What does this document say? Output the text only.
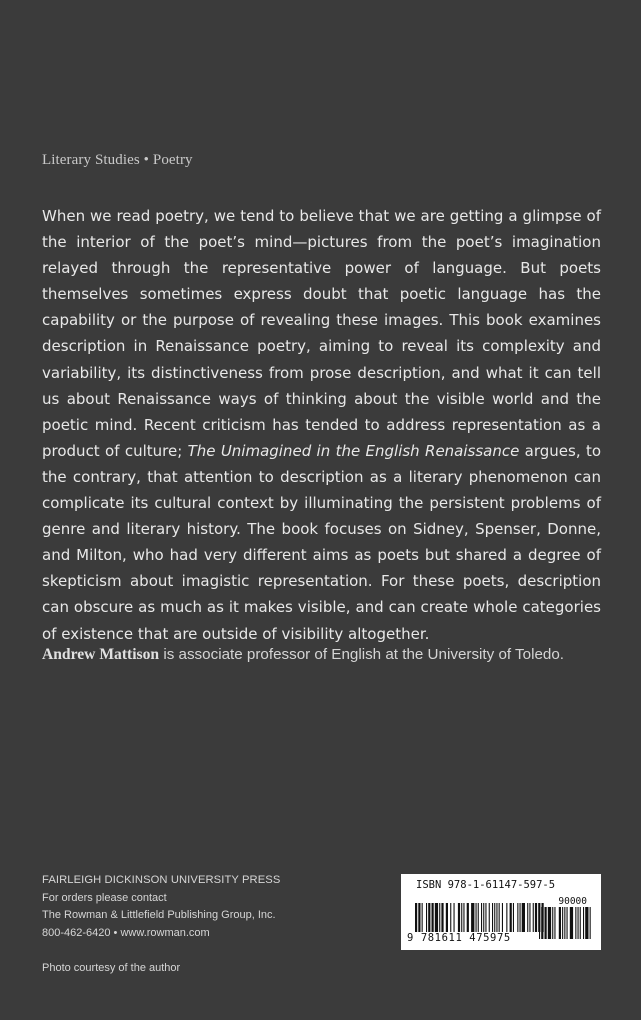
Literary Studies • Poetry

When we read poetry, we tend to believe that we are getting a glimpse of the interior of the poet’s mind—pictures from the poet’s imagination relayed through the representative power of language. But poets themselves sometimes express doubt that poetic language has the capability or the purpose of revealing these images. This book examines description in Renaissance poetry, aiming to reveal its complexity and variability, its distinctiveness from prose description, and what it can tell us about Renaissance ways of thinking about the visible world and the poetic mind. Recent criticism has tended to address representation as a product of culture; The Unimagined in the English Renaissance argues, to the contrary, that attention to description as a literary phenomenon can complicate its cultural context by illuminating the persistent problems of genre and literary history. The book focuses on Sidney, Spenser, Donne, and Milton, who had very different aims as poets but shared a degree of skepticism about imagistic representation. For these poets, description can obscure as much as it makes visible, and can create whole categories of existence that are outside of visibility altogether.

Andrew Mattison is associate professor of English at the University of Toledo.

FAIRLEIGH DICKINSON UNIVERSITY PRESS
For orders please contact
The Rowman & Littlefield Publishing Group, Inc.
800-462-6420 • www.rowman.com
Photo courtesy of the author
ISBN 978-1-61147-597-5
90000
9 781611 475975
